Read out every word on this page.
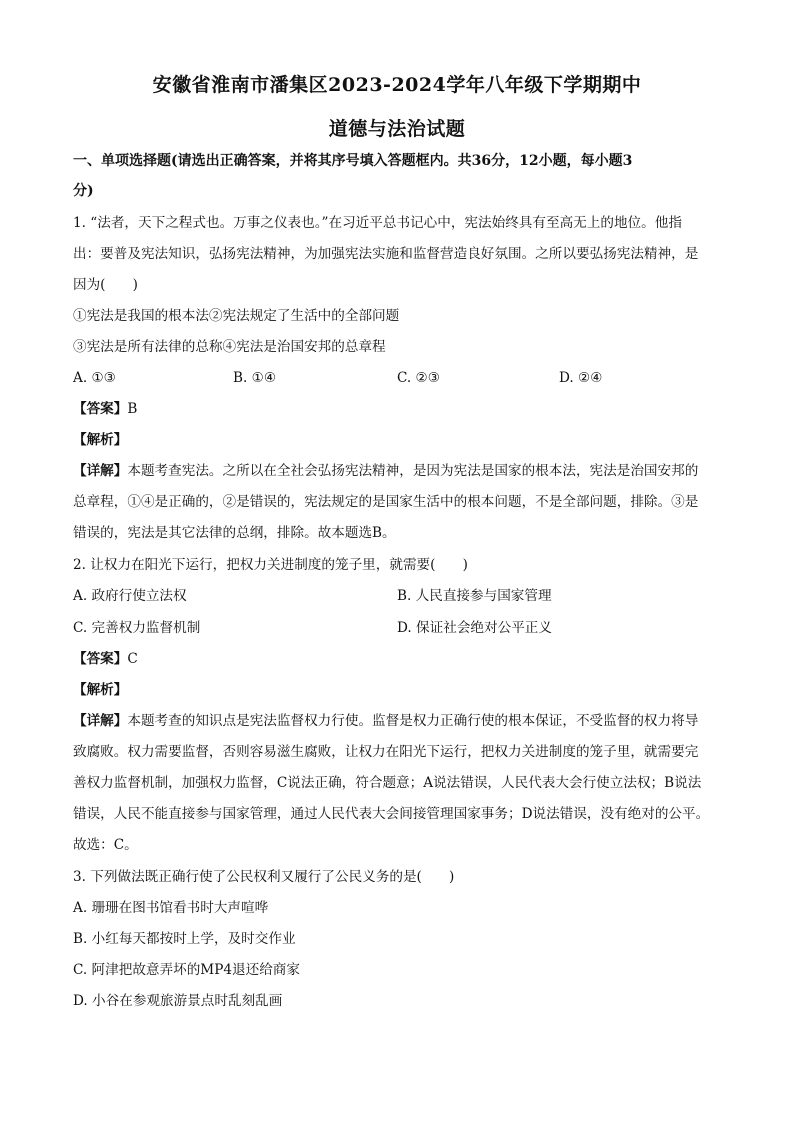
安徽省淮南市潘集区2023-2024学年八年级下学期期中
道德与法治试题
一、单项选择题(请选出正确答案，并将其序号填入答题框内。共36分，12小题，每小题3
分)
1. “法者，天下之程式也。万事之仪表也。”在习近平总书记心中，宪法始终具有至高无上的地位。他指
出：要普及宪法知识，弘扬宪法精神，为加强宪法实施和监督营造良好氛围。之所以要弘扬宪法精神，是
因为(　　)
①宪法是我国的根本法②宪法规定了生活中的全部问题
③宪法是所有法律的总称④宪法是治国安邦的总章程
A. ①③	B. ①④	C. ②③	D. ②④
【答案】B
【解析】
【详解】本题考查宪法。之所以在全社会弘扬宪法精神，是因为宪法是国家的根本法，宪法是治国安邦的
总章程，①④是正确的，②是错误的，宪法规定的是国家生活中的根本问题，不是全部问题，排除。③是
错误的，宪法是其它法律的总纲，排除。故本题选B。
2. 让权力在阳光下运行，把权力关进制度的笼子里，就需要(　　)
A. 政府行使立法权	B. 人民直接参与国家管理
C. 完善权力监督机制	D. 保证社会绝对公平正义
【答案】C
【解析】
【详解】本题考查的知识点是宪法监督权力行使。监督是权力正确行使的根本保证，不受监督的权力将导
致腐败。权力需要监督，否则容易滋生腐败，让权力在阳光下运行，把权力关进制度的笼子里，就需要完
善权力监督机制，加强权力监督，C说法正确，符合题意；A说法错误，人民代表大会行使立法权；B说法
错误，人民不能直接参与国家管理，通过人民代表大会间接管理国家事务；D说法错误，没有绝对的公平。
故选：C。
3. 下列做法既正确行使了公民权利又履行了公民义务的是(　　)
A. 珊珊在图书馆看书时大声喧哗
B. 小红每天都按时上学，及时交作业
C. 阿津把故意弄坏的MP4退还给商家
D. 小谷在参观旅游景点时乱刻乱画
